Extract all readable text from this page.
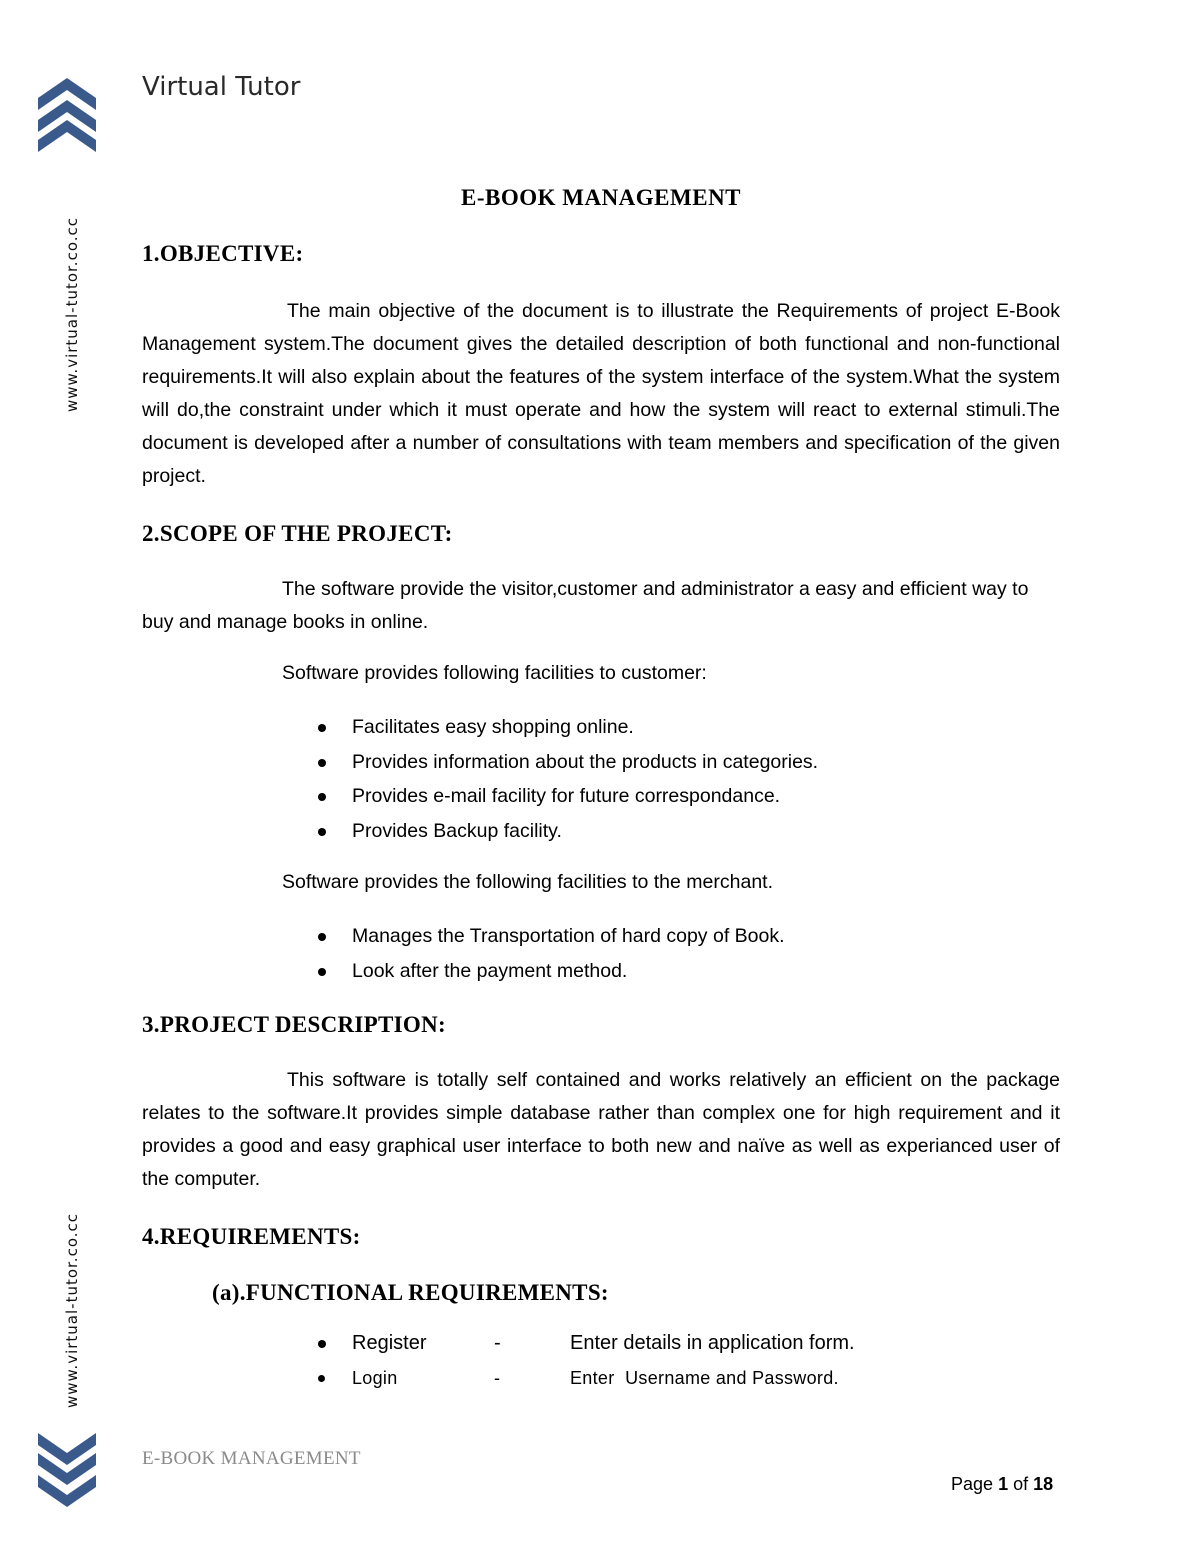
www.virtual-tutor.co.cc
Virtual Tutor
E-BOOK MANAGEMENT
1.OBJECTIVE:

The main objective of the document is to illustrate the Requirements of project E-Book Management system.The document gives the detailed description of both functional and non-functional requirements.It will also explain about the features of the system interface of the system.What the system will do,the constraint under which it must operate and how the system will react to external stimuli.The document is developed after a number of consultations with team members and specification of the given project.

2.SCOPE OF THE PROJECT:

The software provide the visitor,customer and administrator a easy and efficient way to buy and manage books in online.

Software provides following facilities to customer:

Facilitates easy shopping online.
Provides information about the products in categories.
Provides e-mail facility for future correspondance.
Provides Backup facility.

Software provides the following facilities to the merchant.

Manages the Transportation of hard copy of Book.
Look after the payment method.
3.PROJECT DESCRIPTION:

This software is totally self contained and works relatively an efficient on the package relates to the software.It provides simple database rather than complex one for high requirement and it provides a good and easy graphical user interface to both new and naïve as well as experianced user of the computer.

4.REQUIREMENTS:
(a).FUNCTIONAL REQUIREMENTS:
Register	-	Enter details in application form.
Login	-	Enter  Username and Password.
www.virtual-tutor.co.cc
E-BOOK MANAGEMENT
Page 1 of 18
